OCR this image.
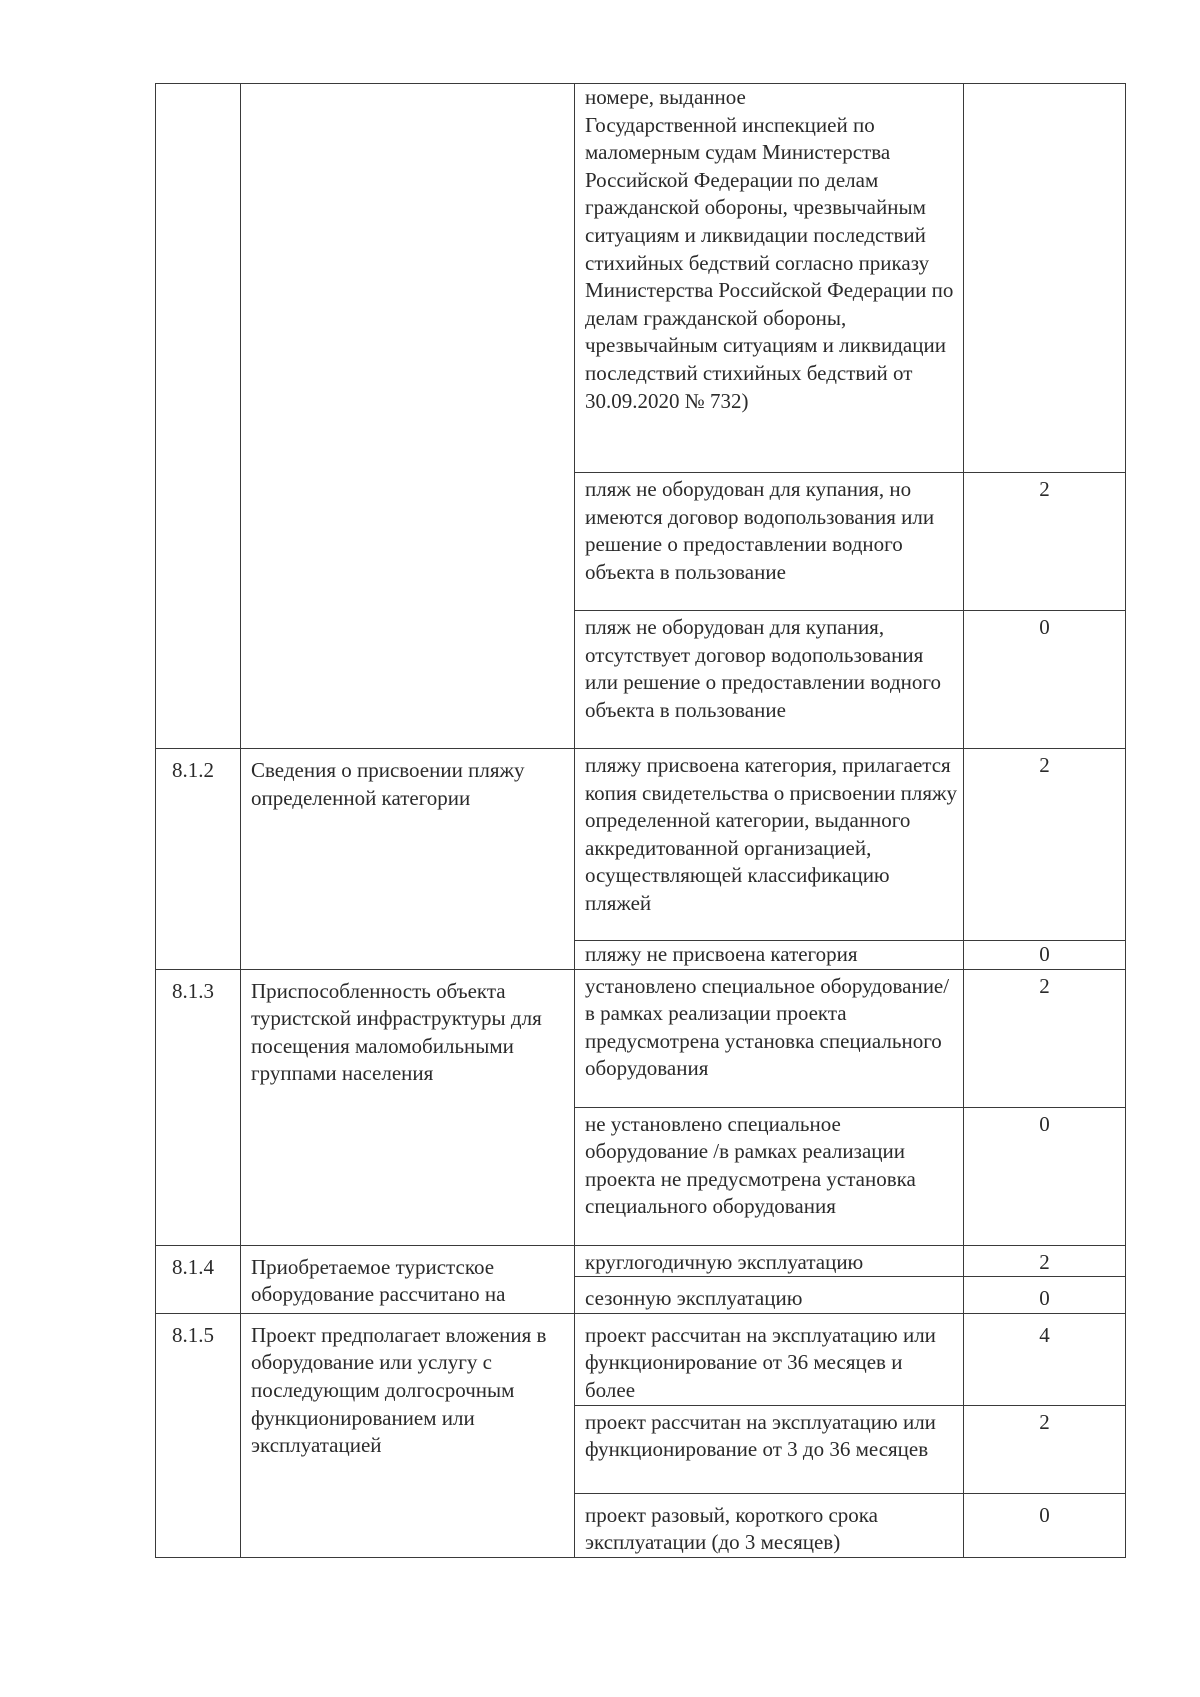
		номере, выданное
Государственной инспекцией по маломерным судам Министерства Российской Федерации по делам гражданской обороны, чрезвычайным ситуациям и ликвидации последствий стихийных бедствий согласно приказу Министерства Российской Федерации по делам гражданской обороны, чрезвычайным ситуациям и ликвидации последствий стихийных бедствий от 30.09.2020 № 732)	

		пляж не оборудован для купания, но имеются договор водопользования или решение о предоставлении водного объекта в пользование	2

		пляж не оборудован для купания, отсутствует договор водопользования или решение о предоставлении водного объекта в пользование	0

8.1.2	Сведения о присвоении пляжу определенной категории	пляжу присвоена категория, прилагается копия свидетельства о присвоении пляжу определенной категории, выданного аккредитованной организацией, осуществляющей классификацию пляжей	2

		пляжу не присвоена категория	0

8.1.3	Приспособленность объекта туристской инфраструктуры для посещения маломобильными группами населения	установлено специальное оборудование/ в рамках реализации проекта предусмотрена установка специального оборудования	2

		не установлено специальное оборудование /в рамках реализации проекта не предусмотрена установка специального оборудования	0

8.1.4	Приобретаемое туристское оборудование рассчитано на	круглогодичную эксплуатацию	2

		сезонную эксплуатацию	0

8.1.5	Проект предполагает вложения в оборудование или услугу с последующим долгосрочным функционированием или эксплуатацией	проект рассчитан на эксплуатацию или функционирование от 36 месяцев и более	4

		проект рассчитан на эксплуатацию или функционирование от 3 до 36 месяцев	2

		проект разовый, короткого срока эксплуатации (до 3 месяцев)	0
